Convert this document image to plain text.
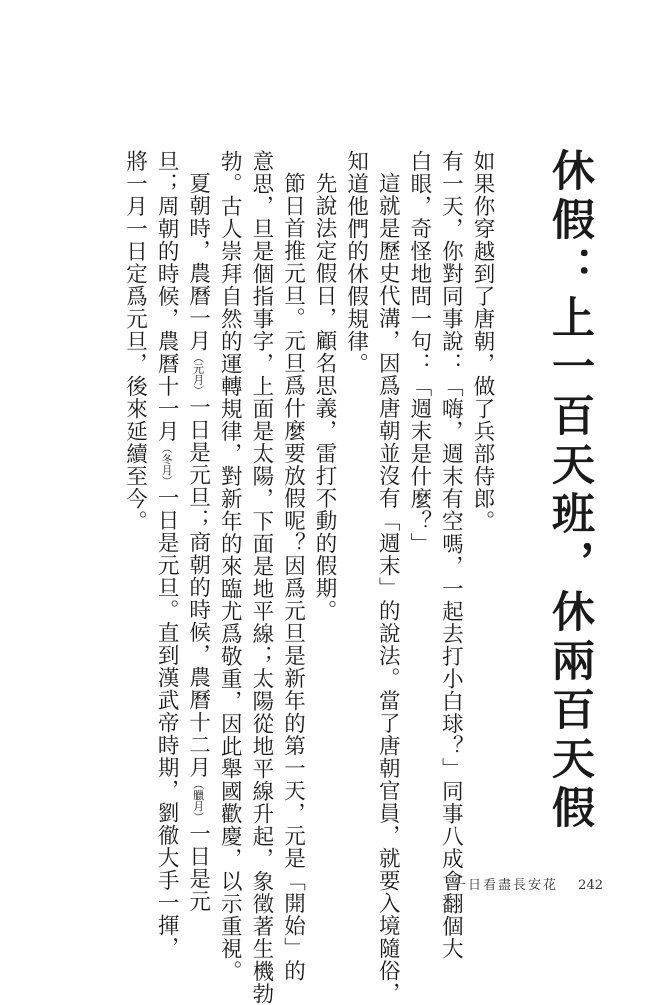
休假：上一百天班，休兩百天假
如果你穿越到了唐朝，做了兵部侍郎。
有一天，你對同事說：「嗨，週末有空嗎，一起去打小白球？」同事八成會翻個大
白眼，奇怪地問一句：「週末是什麼？」
這就是歷史代溝，因爲唐朝並沒有「週末」的說法。當了唐朝官員，就要入境隨俗，
知道他們的休假規律。
先說法定假日，顧名思義，雷打不動的假期。
節日首推元旦。元旦爲什麼要放假呢？因爲元旦是新年的第一天，元是「開始」的
意思，旦是個指事字，上面是太陽，下面是地平線；太陽從地平線升起，象徵著生機勃
勃。古人崇拜自然的運轉規律，對新年的來臨尤爲敬重，因此舉國歡慶，以示重視。
夏朝時，農曆一月（元月）一日是元旦；商朝的時候，農曆十二月（臘月）一日是元
旦；周朝的時候，農曆十一月（冬月）一日是元旦。直到漢武帝時期，劉徹大手一揮，
將一月一日定爲元旦，後來延續至今。
一日看盡長安花 242
